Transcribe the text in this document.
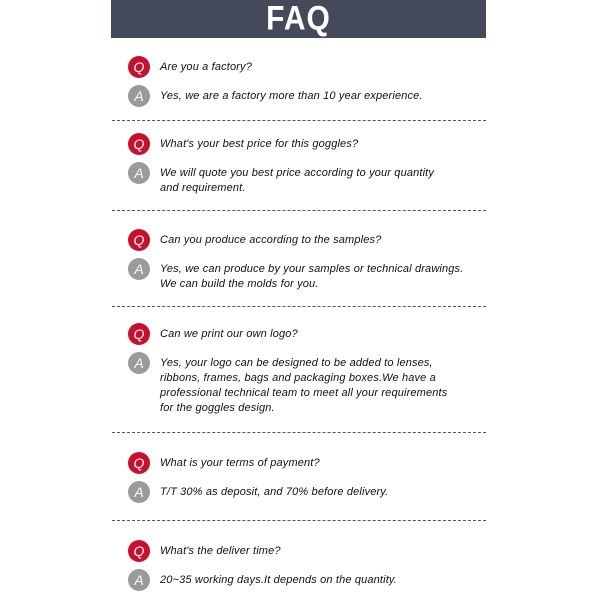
FAQ
Q	Are you a factory?
A	Yes, we are a factory more than 10 year experience.
Q	What's your best price for this goggles?
A	We will quote you best price according to your quantity
and requirement.
Q	Can you produce according to the samples?
A	Yes, we can produce by your samples or technical drawings.
We can build the molds for you.
Q	Can we print our own logo?
A	Yes, your logo can be designed to be added to lenses,
ribbons, frames, bags and packaging boxes.We have a
professional technical team to meet all your requirements
for the goggles design.
Q	What is your terms of payment?
A	T/T 30% as deposit, and 70% before delivery.
Q	What's the deliver time?
A	20~35 working days.It depends on the quantity.
